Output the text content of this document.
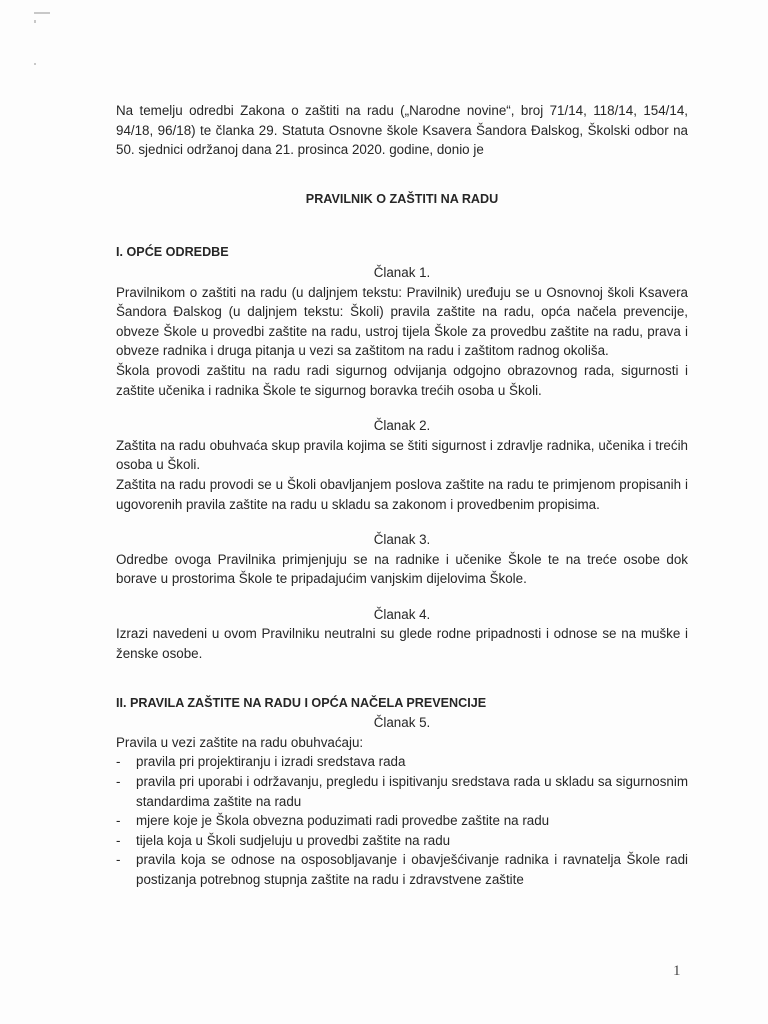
Na temelju odredbi Zakona o zaštiti na radu („Narodne novine“, broj 71/14, 118/14, 154/14, 94/18, 96/18) te članka 29. Statuta Osnovne škole Ksavera Šandora Đalskog, Školski odbor na 50. sjednici održanoj dana 21. prosinca 2020. godine, donio je

PRAVILNIK O ZAŠTITI NA RADU

I. OPĆE ODREDBE

Članak 1.

Pravilnikom o zaštiti na radu (u daljnjem tekstu: Pravilnik) uređuju se u Osnovnoj školi Ksavera Šandora Đalskog (u daljnjem tekstu: Školi) pravila zaštite na radu, opća načela prevencije, obveze Škole u provedbi zaštite na radu, ustroj tijela Škole za provedbu zaštite na radu, prava i obveze radnika i druga pitanja u vezi sa zaštitom na radu i zaštitom radnog okoliša.

Škola provodi zaštitu na radu radi sigurnog odvijanja odgojno obrazovnog rada, sigurnosti i zaštite učenika i radnika Škole te sigurnog boravka trećih osoba u Školi.

Članak 2.

Zaštita na radu obuhvaća skup pravila kojima se štiti sigurnost i zdravlje radnika, učenika i trećih osoba u Školi.

Zaštita na radu provodi se u Školi obavljanjem poslova zaštite na radu te primjenom propisanih i ugovorenih pravila zaštite na radu u skladu sa zakonom i provedbenim propisima.

Članak 3.

Odredbe ovoga Pravilnika primjenjuju se na radnike i učenike Škole te na treće osobe dok borave u prostorima Škole te pripadajućim vanjskim dijelovima Škole.

Članak 4.

Izrazi navedeni u ovom Pravilniku neutralni su glede rodne pripadnosti i odnose se na muške i ženske osobe.

II. PRAVILA ZAŠTITE NA RADU I OPĆA NAČELA PREVENCIJE

Članak 5.

Pravila u vezi zaštite na radu obuhvaćaju:

- pravila pri projektiranju i izradi sredstava rada
- pravila pri uporabi i održavanju, pregledu i ispitivanju sredstava rada u skladu sa sigurnosnim standardima zaštite na radu
- mjere koje je Škola obvezna poduzimati radi provedbe zaštite na radu
- tijela koja u Školi sudjeluju u provedbi zaštite na radu
- pravila koja se odnose na osposobljavanje i obavješćivanje radnika i ravnatelja Škole radi postizanja potrebnog stupnja zaštite na radu i zdravstvene zaštite
1
